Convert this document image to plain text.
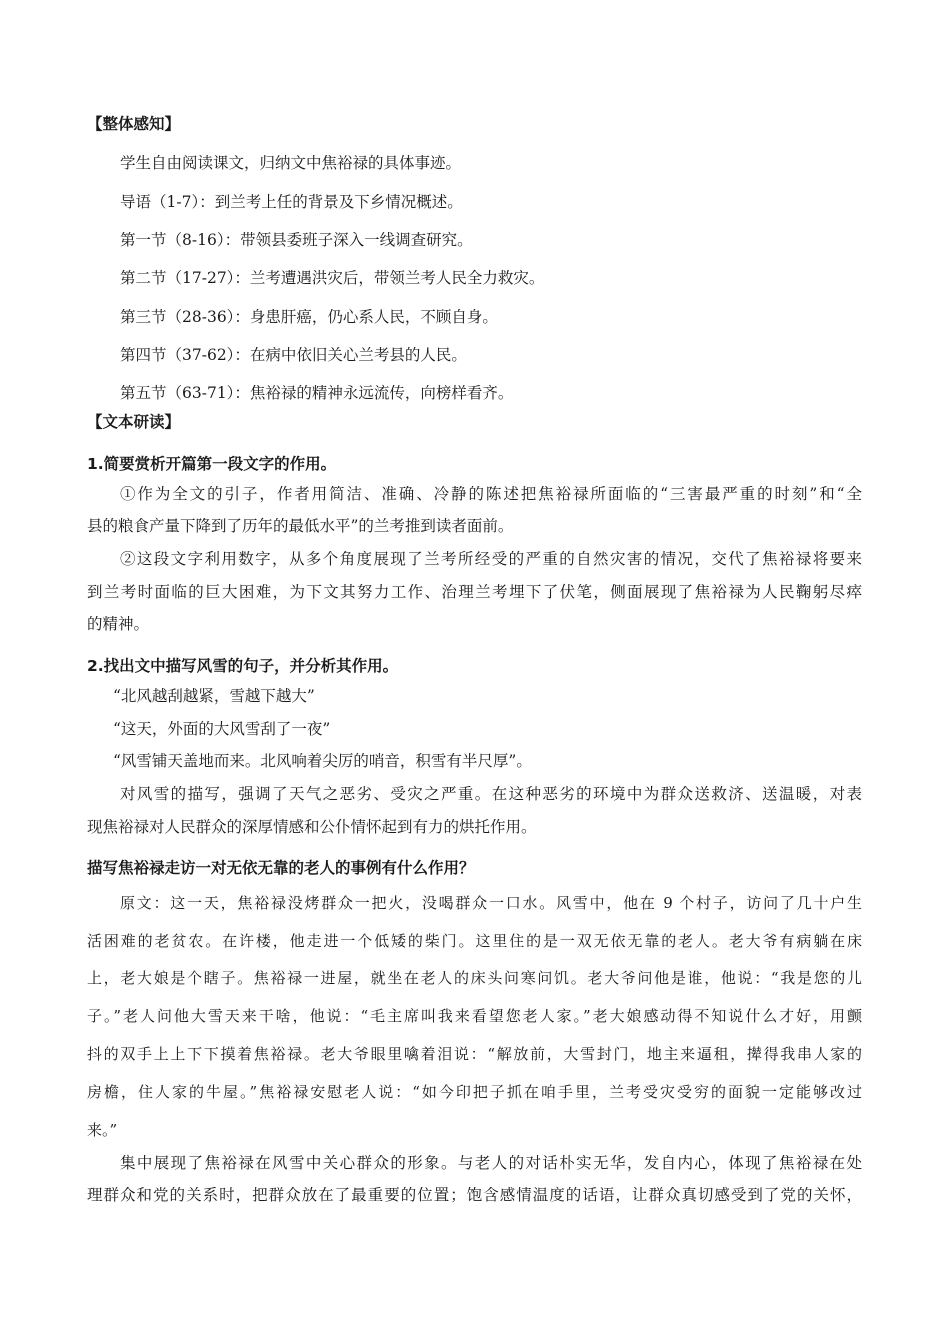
【整体感知】
学生自由阅读课文，归纳文中焦裕禄的具体事迹。
导语（1-7）：到兰考上任的背景及下乡情况概述。
第一节（8-16）：带领县委班子深入一线调查研究。
第二节（17-27）：兰考遭遇洪灾后，带领兰考人民全力救灾。
第三节（28-36）：身患肝癌，仍心系人民，不顾自身。
第四节（37-62）：在病中依旧关心兰考县的人民。
第五节（63-71）：焦裕禄的精神永远流传，向榜样看齐。
【文本研读】
1.简要赏析开篇第一段文字的作用。
①作为全文的引子，作者用简洁、准确、冷静的陈述把焦裕禄所面临的“三害最严重的时刻”和“全
县的粮食产量下降到了历年的最低水平”的兰考推到读者面前。
②这段文字利用数字，从多个角度展现了兰考所经受的严重的自然灾害的情况，交代了焦裕禄将要来
到兰考时面临的巨大困难，为下文其努力工作、治理兰考埋下了伏笔，侧面展现了焦裕禄为人民鞠躬尽瘁
的精神。
2.找出文中描写风雪的句子，并分析其作用。
“北风越刮越紧，雪越下越大”
“这天，外面的大风雪刮了一夜”
“风雪铺天盖地而来。北风响着尖厉的哨音，积雪有半尺厚”。
对风雪的描写，强调了天气之恶劣、受灾之严重。在这种恶劣的环境中为群众送救济、送温暖，对表
现焦裕禄对人民群众的深厚情感和公仆情怀起到有力的烘托作用。
描写焦裕禄走访一对无依无靠的老人的事例有什么作用？
原文：这一天，焦裕禄没烤群众一把火，没喝群众一口水。风雪中，他在 9 个村子，访问了几十户生
活困难的老贫农。在许楼，他走进一个低矮的柴门。这里住的是一双无依无靠的老人。老大爷有病躺在床
上，老大娘是个瞎子。焦裕禄一进屋，就坐在老人的床头问寒问饥。老大爷问他是谁，他说：“我是您的儿
子。”老人问他大雪天来干啥，他说：“毛主席叫我来看望您老人家。”老大娘感动得不知说什么才好，用颤
抖的双手上上下下摸着焦裕禄。老大爷眼里噙着泪说：“解放前，大雪封门，地主来逼租，撵得我串人家的
房檐，住人家的牛屋。”焦裕禄安慰老人说：“如今印把子抓在咱手里，兰考受灾受穷的面貌一定能够改过
来。”
集中展现了焦裕禄在风雪中关心群众的形象。与老人的对话朴实无华，发自内心，体现了焦裕禄在处
理群众和党的关系时，把群众放在了最重要的位置；饱含感情温度的话语，让群众真切感受到了党的关怀，
